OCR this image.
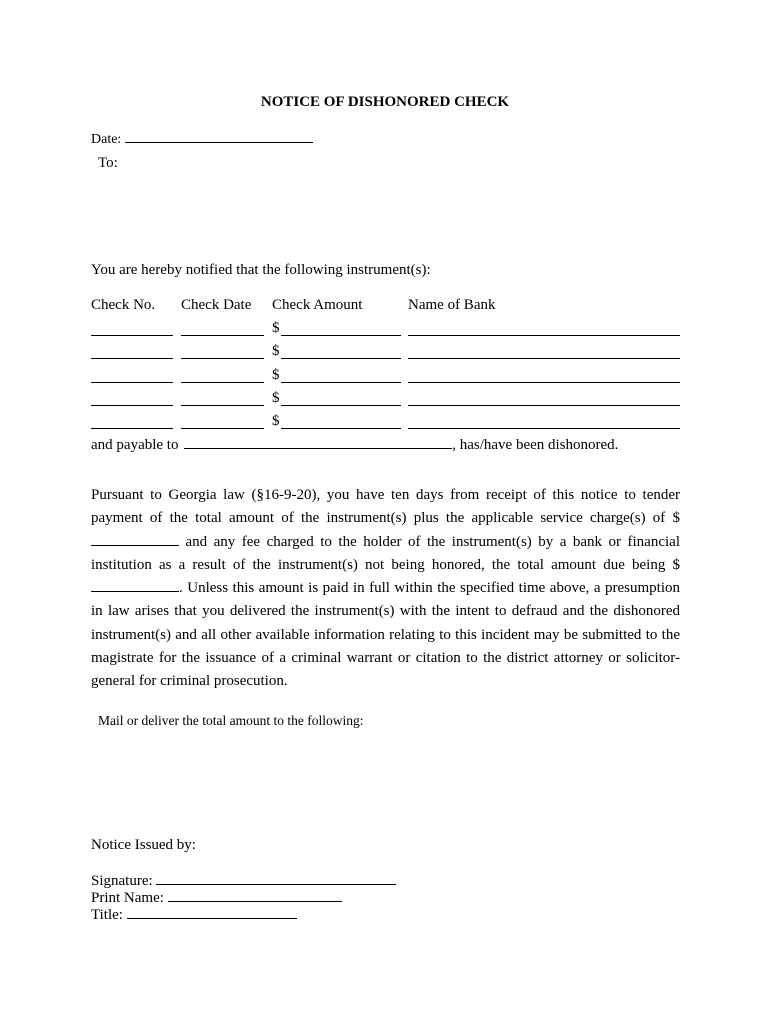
NOTICE OF DISHONORED CHECK
Date:
To:
You are hereby notified that the following instrument(s):
Check No. Check Date Check Amount	Name of Bank
$
$
$
$
$
and payable to	, has/have been dishonored.
Pursuant to Georgia law (§16-9-20), you have ten days from receipt of this notice to tender payment of the total amount of the instrument(s) plus the applicable service charge(s) of $ and any fee charged to the holder of the instrument(s) by a bank or financial institution as a result of the instrument(s) not being honored, the total amount due being $. Unless this amount is paid in full within the specified time above, a presumption in law arises that you delivered the instrument(s) with the intent to defraud and the dishonored instrument(s) and all other available information relating to this incident may be submitted to the magistrate for the issuance of a criminal warrant or citation to the district attorney or solicitor-general for criminal prosecution.
Mail or deliver the total amount to the following:
Notice Issued by:
Signature:
Print Name:
Title:
